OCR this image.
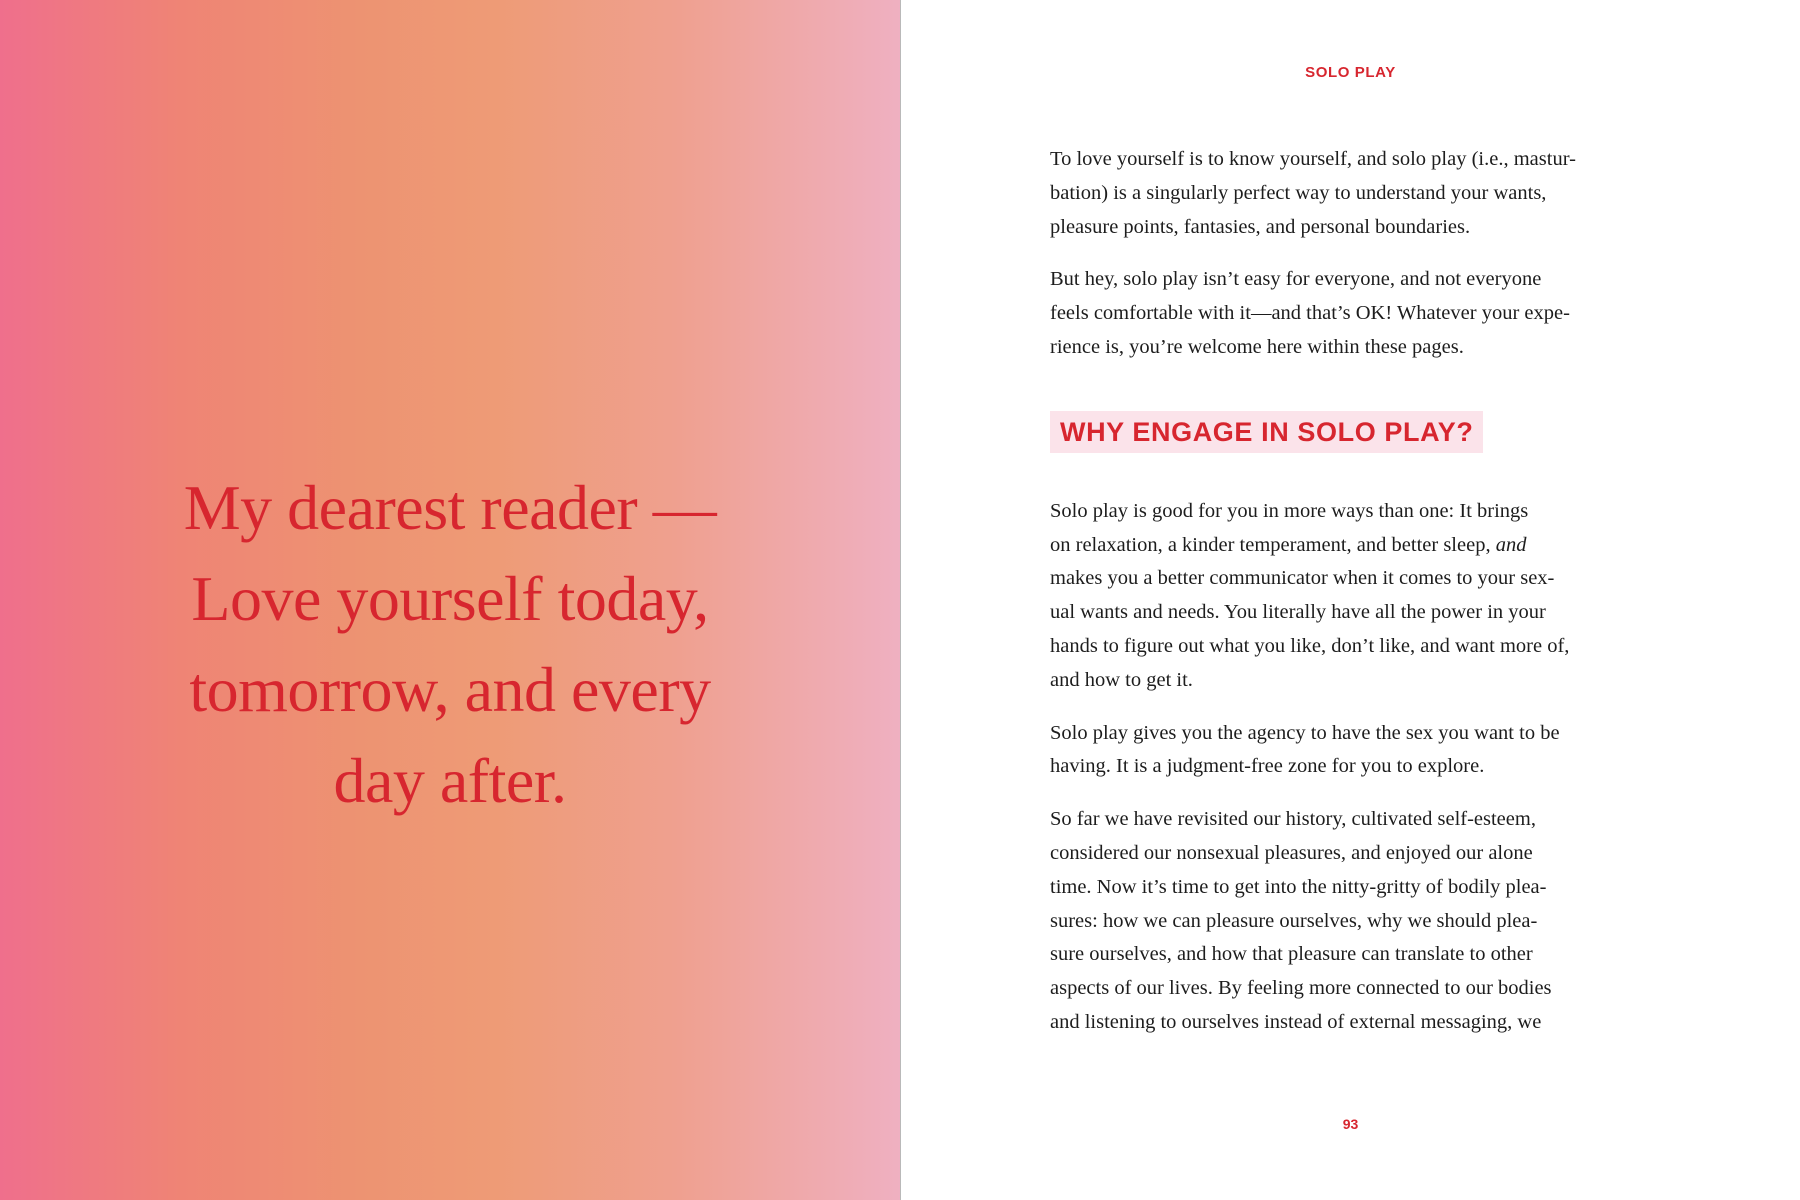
My dearest reader —
Love yourself today,
tomorrow, and every
day after.

SOLO PLAY

To love yourself is to know yourself, and solo play (i.e., mastur-
bation) is a singularly perfect way to understand your wants,
pleasure points, fantasies, and personal boundaries.

But hey, solo play isn’t easy for everyone, and not everyone
feels comfortable with it—and that’s OK! Whatever your expe-
rience is, you’re welcome here within these pages.

WHY ENGAGE IN SOLO PLAY?

Solo play is good for you in more ways than one: It brings
on relaxation, a kinder temperament, and better sleep, and
makes you a better communicator when it comes to your sex-
ual wants and needs. You literally have all the power in your
hands to figure out what you like, don’t like, and want more of,
and how to get it.

Solo play gives you the agency to have the sex you want to be
having. It is a judgment-free zone for you to explore.

So far we have revisited our history, cultivated self-esteem,
considered our nonsexual pleasures, and enjoyed our alone
time. Now it’s time to get into the nitty-gritty of bodily plea-
sures: how we can pleasure ourselves, why we should plea-
sure ourselves, and how that pleasure can translate to other
aspects of our lives. By feeling more connected to our bodies
and listening to ourselves instead of external messaging, we

93
